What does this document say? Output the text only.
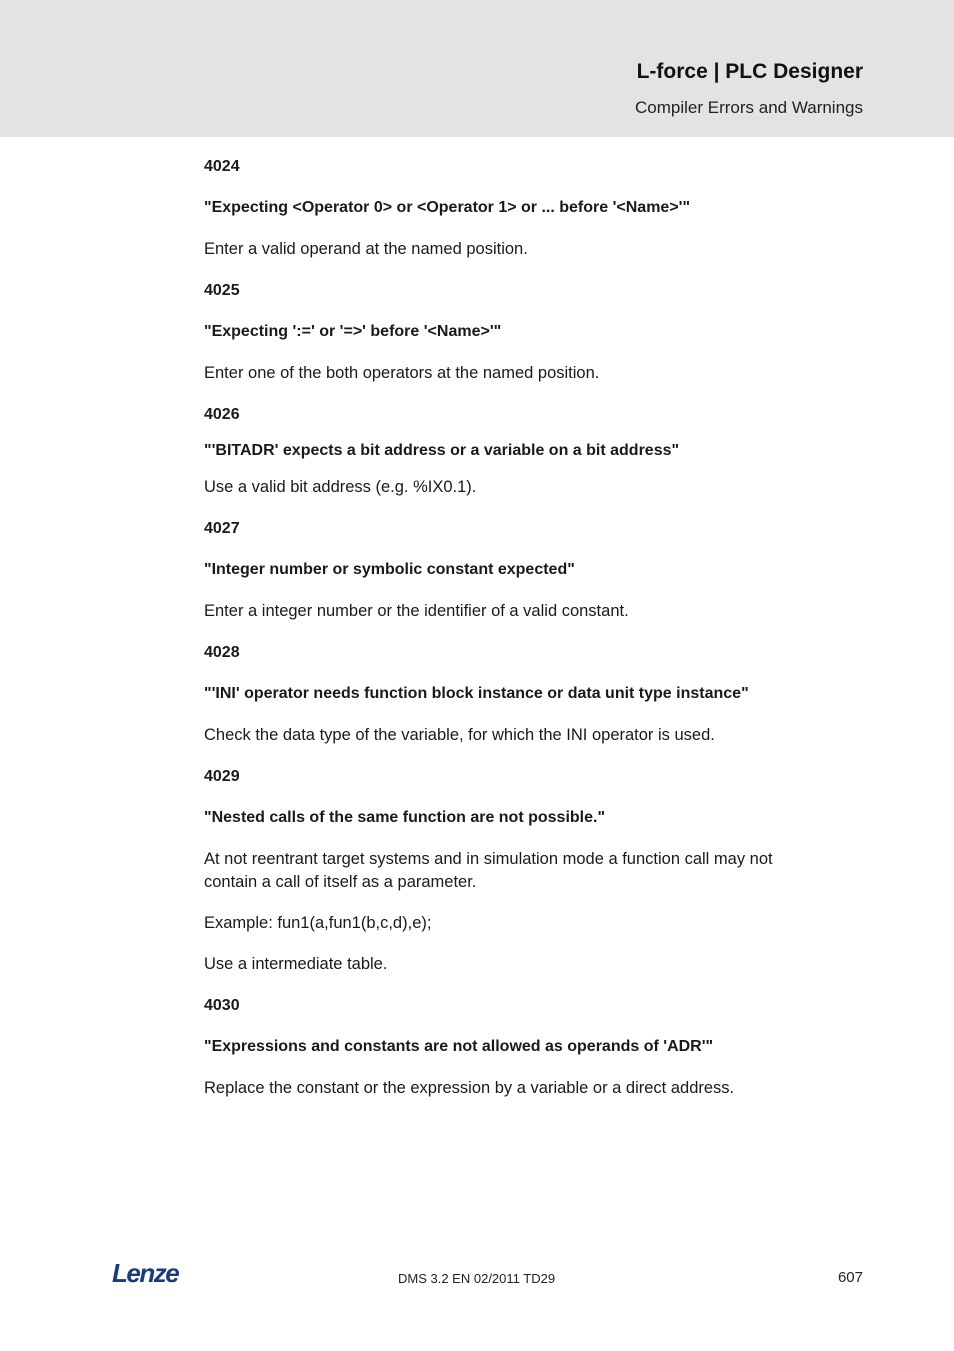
L-force | PLC Designer
Compiler Errors and Warnings

4024

"Expecting <Operator 0> or <Operator 1> or ... before '<Name>'"

Enter a valid operand at the named position.

4025

"Expecting ':=' or '=>' before '<Name>'"

Enter one of the both operators at the named position.

4026

"'BITADR' expects a bit address or a variable on a bit address"

Use a valid bit address (e.g. %IX0.1).

4027

"Integer number or symbolic constant expected"

Enter a integer number or the identifier of a valid constant.

4028

"'INI' operator needs function block instance or data unit type instance"

Check the data type of the variable, for which the INI operator is used.

4029

"Nested calls of the same function are not possible."

At not reentrant target systems and in simulation mode a function call may not contain a call of itself as a parameter.

Example: fun1(a,fun1(b,c,d),e);

Use a intermediate table.

4030

"Expressions and constants are not allowed as operands of 'ADR'"

Replace the constant or the expression by a variable or a direct address.

Lenze	DMS 3.2 EN 02/2011 TD29	607
